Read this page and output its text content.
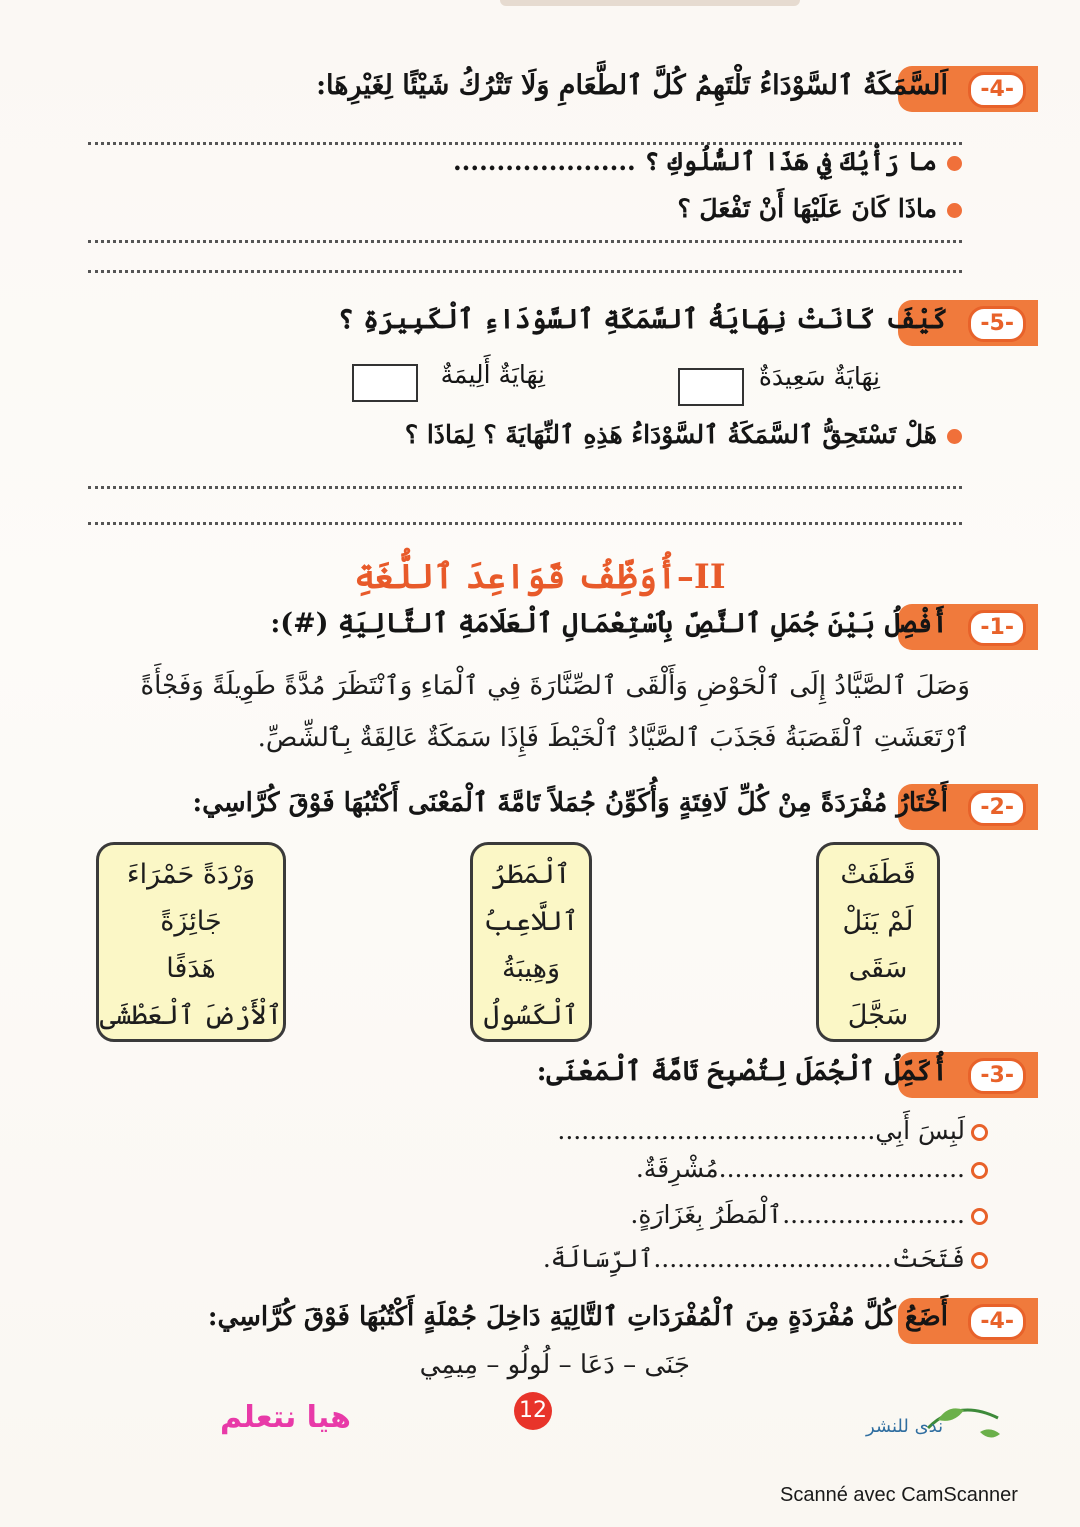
-4-
اَلسَّمَكَةُ ٱلسَّوْدَاءُ تَلْتَهِمُ كُلَّ ٱلطَّعَامِ وَلَا تَتْرُكُ شَيْئًا لِغَيْرِهَا:
ما رَأْيُكَ فِي هَذَا ٱلسُّلُوكِ ؟ .....................
ماذَا كَانَ عَلَيْهَا أَنْ تَفْعَلَ ؟
-5-
كَيْفَ كَانَتْ نِهَايَةُ ٱلسَّمَكَةِ ٱلسَّوْدَاءِ ٱلْكَبِيرَةِ ؟
نِهَايَةٌ سَعِيدَةٌ
نِهَايَةٌ أَلِيمَةٌ
هَلْ تَسْتَحِقُّ ٱلسَّمَكَةُ ٱلسَّوْدَاءُ هَذِهِ ٱلنِّهَايَةَ ؟ لِمَاذَا ؟
II–أُوَظِّفُ قَوَاعِدَ ٱللُّغَةِ
-1-
أَفْصِلُ بَيْنَ جُمَلِ ٱلنَّصِّ بِٱسْتِعْمَالِ ٱلْعَلَامَةِ ٱلتَّالِيَةِ (#):
وَصَلَ ٱلصَّيَّادُ إِلَى ٱلْحَوْضِ وَأَلْقَى ٱلصِّنَّارَةَ فِي ٱلْمَاءِ وَٱنْتَظَرَ مُدَّةً طَوِيلَةً وَفَجْأَةً
ٱرْتَعَشَتِ ٱلْقَصَبَةُ فَجَذَبَ ٱلصَّيَّادُ ٱلْخَيْطَ فَإِذَا سَمَكَةٌ عَالِقَةٌ بِٱلشِّصِّ.
-2-
أَخْتَارُ مُفْرَدَةً مِنْ كُلِّ لَافِتَةٍ وَأُكَوِّنُ جُمَلاً تَامَّةَ ٱلْمَعْنَى أَكْتُبُهَا فَوْقَ كُرَّاسِي:
قَطَفَتْ
لَمْ يَنَلْ
سَقَى
سَجَّلَ
ٱلْمَطَرُ
ٱللَّاعِبُ
وَهِيبَةُ
ٱلْكَسُولُ
وَرْدَةً حَمْرَاءَ
جَائِزَةً
هَدَفًا
ٱلْأَرْضَ ٱلْعَطْشَى
-3-
أُكَمِّلُ ٱلْجُمَلَ لِتُصْبِحَ تَامَّةَ ٱلْمَعْنَى:
لَبِسَ أَبِي........................................
...............................مُشْرِقَةٌ.
.......................ٱلْمَطَرُ بِغَزَارَةٍ.
فَتَحَتْ..............................ٱلرِّسَالَةَ.
-4-
أَضَعُ كُلَّ مُفْرَدَةٍ مِنَ ٱلْمُفْرَدَاتِ ٱلتَّالِيَةِ دَاخِلَ جُمْلَةٍ أَكْتُبُهَا فَوْقَ كُرَّاسِي:
جَنَى – دَعَا – لُولُو – مِيمِي
هيا نتعلم	12
ندى للنشر
Scanné avec CamScanner
